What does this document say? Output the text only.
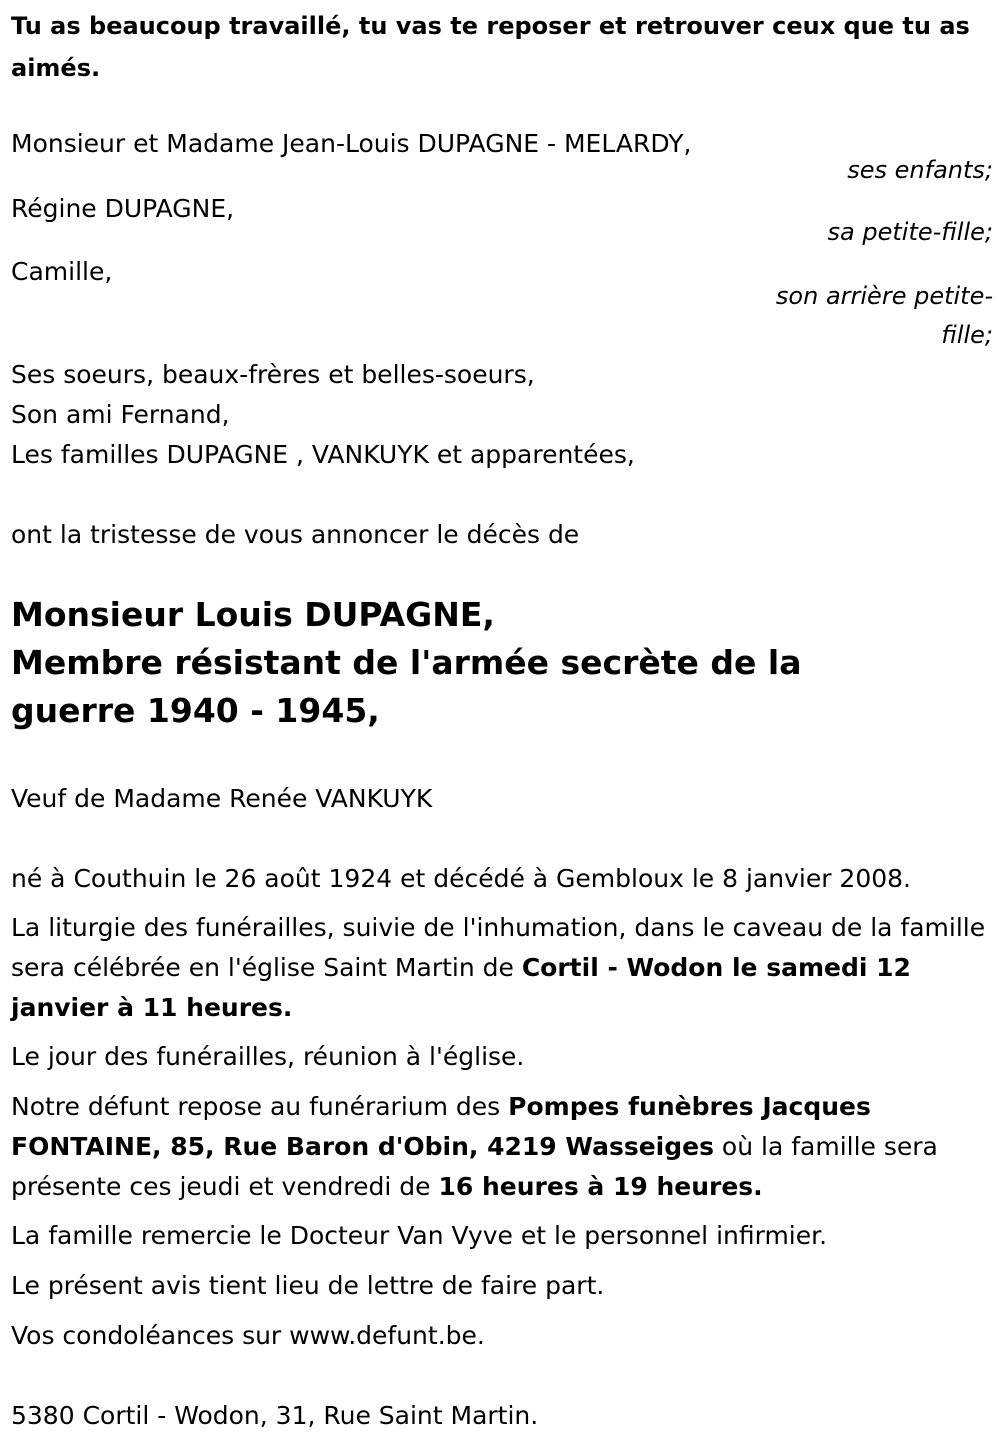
Tu as beaucoup travaillé, tu vas te reposer et retrouver ceux que tu as aimés.
Monsieur et Madame Jean-Louis DUPAGNE - MELARDY,
ses enfants;
Régine DUPAGNE,
sa petite-fille;
Camille,
son arrière petite-
fille;
Ses soeurs, beaux-frères et belles-soeurs,
Son ami Fernand,
Les familles DUPAGNE , VANKUYK et apparentées,
ont la tristesse de vous annoncer le décès de
Monsieur Louis DUPAGNE,
Membre résistant de l'armée secrète de la
guerre 1940 - 1945,
Veuf de Madame Renée VANKUYK
né à Couthuin le 26 août 1924 et décédé à Gembloux le 8 janvier 2008.
La liturgie des funérailles, suivie de l'inhumation, dans le caveau de la famille sera célébrée en l'église Saint Martin de Cortil - Wodon le samedi 12 janvier à 11 heures.
Le jour des funérailles, réunion à l'église.
Notre défunt repose au funérarium des Pompes funèbres Jacques FONTAINE, 85, Rue Baron d'Obin, 4219 Wasseiges où la famille sera présente ces jeudi et vendredi de 16 heures à 19 heures.
La famille remercie le Docteur Van Vyve et le personnel infirmier.
Le présent avis tient lieu de lettre de faire part.
Vos condoléances sur www.defunt.be.
5380 Cortil - Wodon, 31, Rue Saint Martin.
